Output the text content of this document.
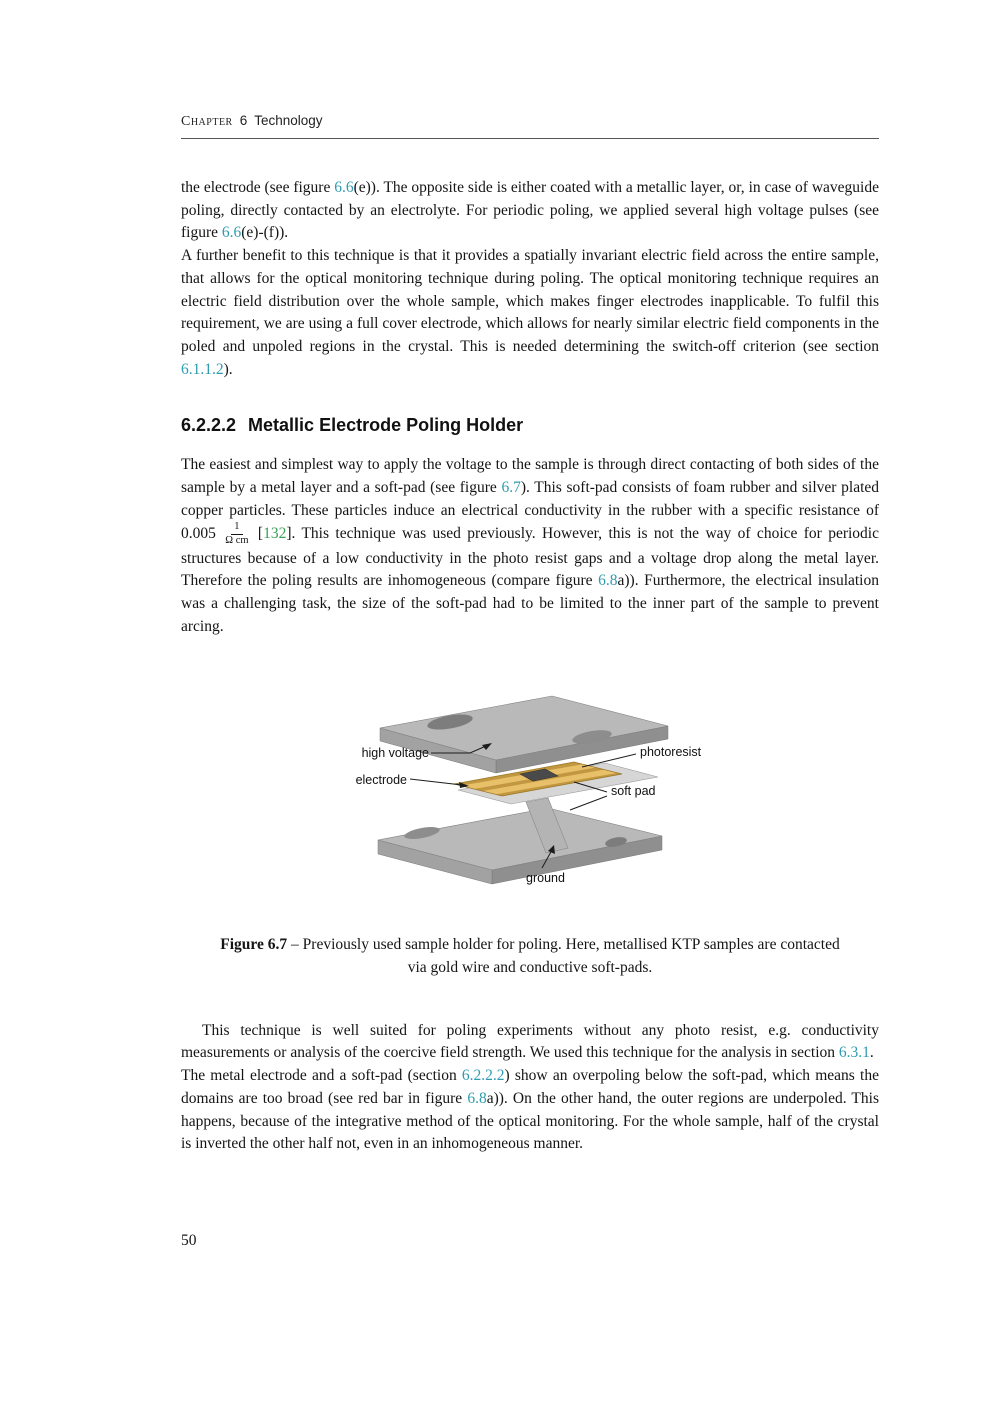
Chapter 6 Technology

the electrode (see figure 6.6(e)). The opposite side is either coated with a metallic layer, or, in case of waveguide poling, directly contacted by an electrolyte. For periodic poling, we applied several high voltage pulses (see figure 6.6(e)-(f)).

A further benefit to this technique is that it provides a spatially invariant electric field across the entire sample, that allows for the optical monitoring technique during poling. The optical monitoring technique requires an electric field distribution over the whole sample, which makes finger electrodes inapplicable. To fulfil this requirement, we are using a full cover electrode, which allows for nearly similar electric field components in the poled and unpoled regions in the crystal. This is needed determining the switch-off criterion (see section 6.1.1.2).

6.2.2.2 Metallic Electrode Poling Holder

The easiest and simplest way to apply the voltage to the sample is through direct contacting of both sides of the sample by a metal layer and a soft-pad (see figure 6.7). This soft-pad consists of foam rubber and silver plated copper particles. These particles induce an electrical conductivity in the rubber with a specific resistance of $0.005 \frac{1}{\text{Ω cm}} [132]$. This technique was used previously. However, this is not the way of choice for periodic structures because of a low conductivity in the photo resist gaps and a voltage drop along the metal layer. Therefore the poling results are inhomogeneous (compare figure 6.8a)). Furthermore, the electrical insulation was a challenging task, the size of the soft-pad had to be limited to the inner part of the sample to prevent arcing.

high voltage
electrode
photoresist
soft pad
ground
Figure 6.7 – Previously used sample holder for poling. Here, metallised KTP samples are contacted via gold wire and conductive soft-pads.

This technique is well suited for poling experiments without any photo resist, e.g. conductivity measurements or analysis of the coercive field strength. We used this technique for the analysis in section 6.3.1.

The metal electrode and a soft-pad (section 6.2.2.2) show an overpoling below the soft-pad, which means the domains are too broad (see red bar in figure 6.8a)). On the other hand, the outer regions are underpoled. This happens, because of the integrative method of the optical monitoring. For the whole sample, half of the crystal is inverted the other half not, even in an inhomogeneous manner.

50
